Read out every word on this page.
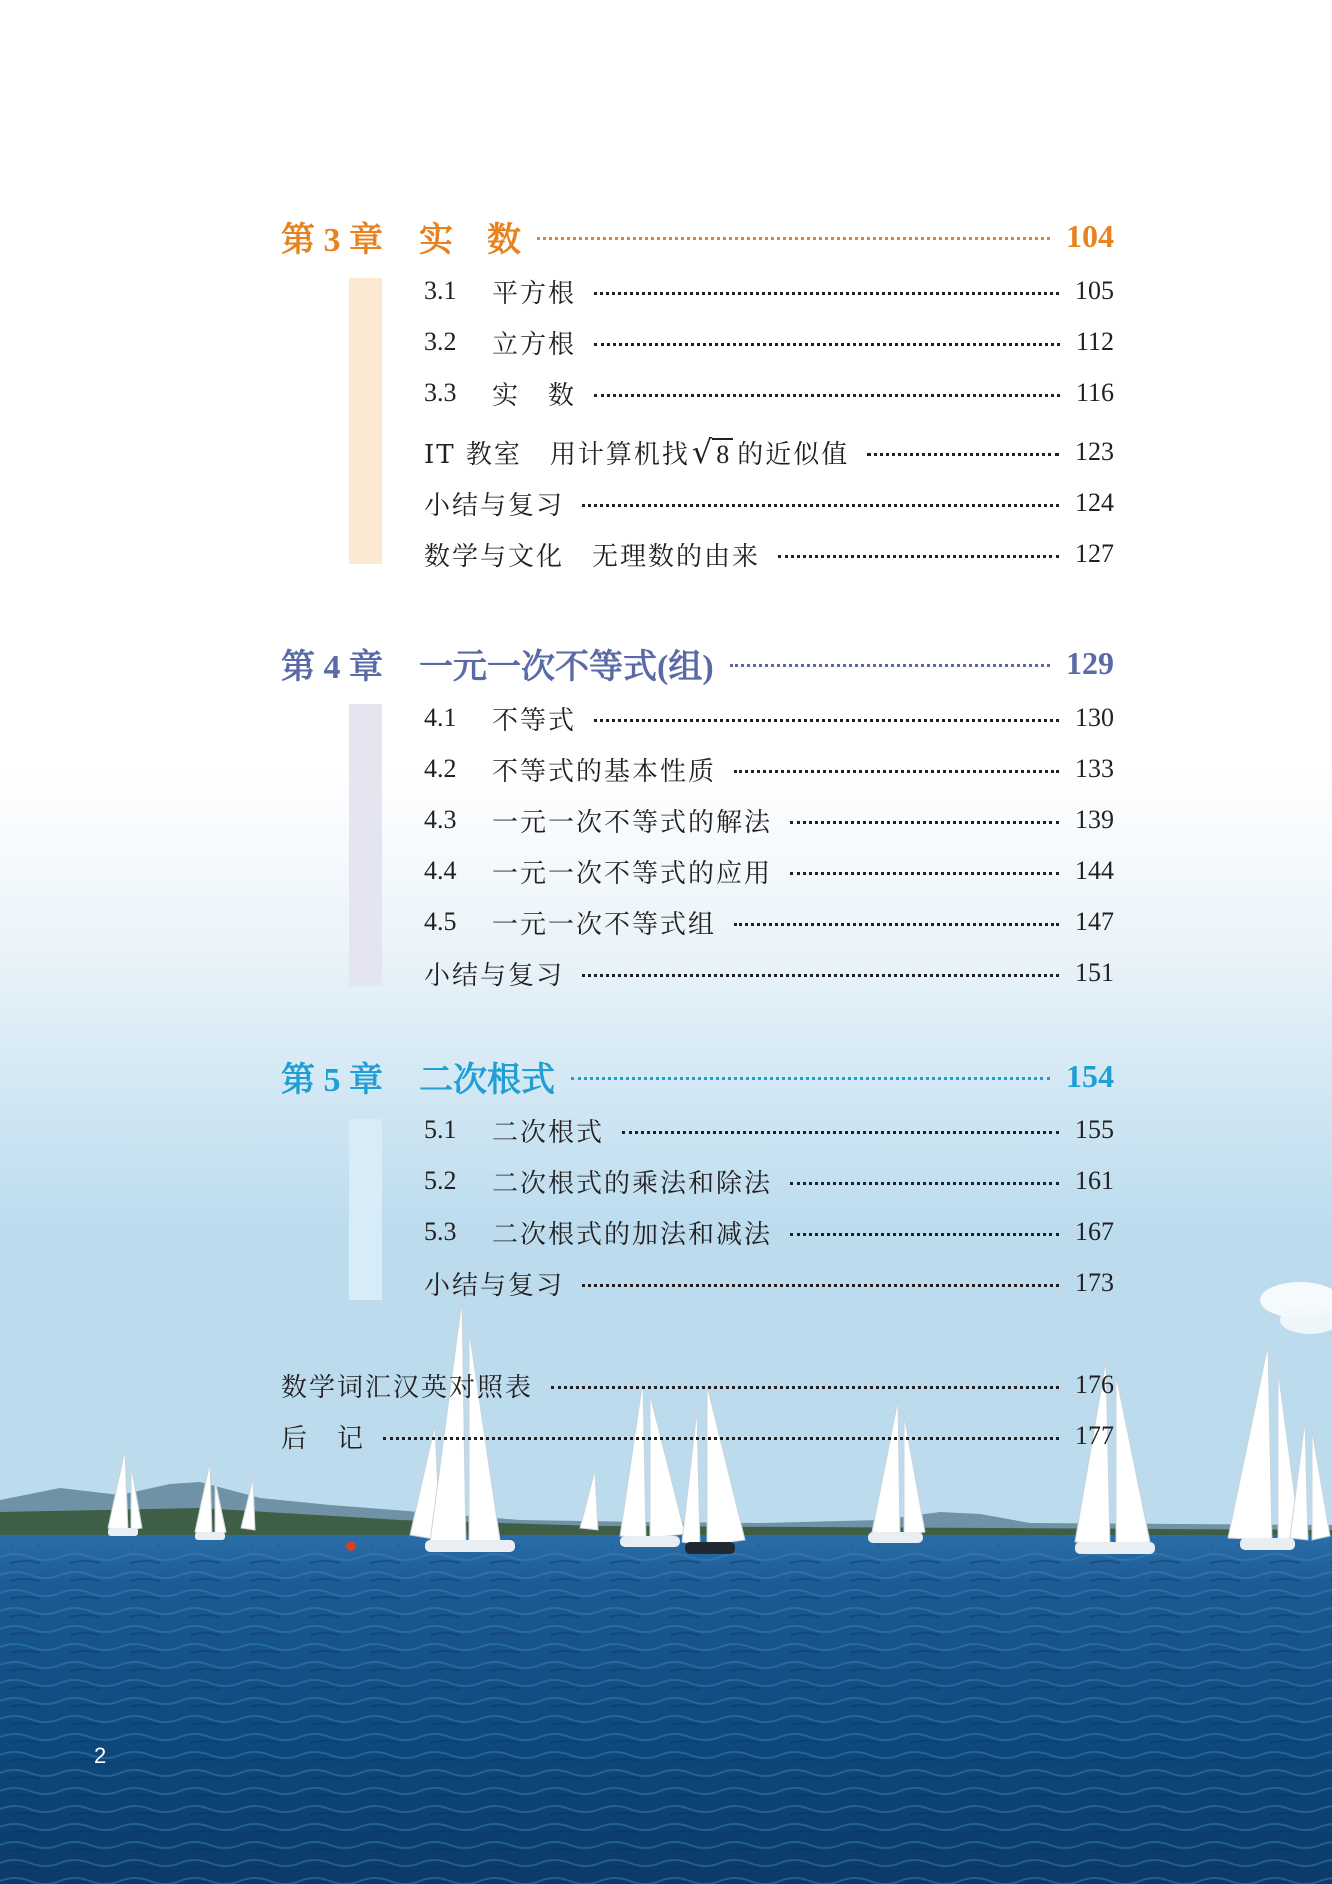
第 3 章 实　数	104
3.1	平方根	105
3.2	立方根	112
3.3	实　数	116
IT 教室　用计算机找 √ 8 的近似值	123
小结与复习	124
数学与文化　无理数的由来	127
第 4 章 一元一次不等式(组)	129
4.1	不等式	130
4.2	不等式的基本性质	133
4.3	一元一次不等式的解法	139
4.4	一元一次不等式的应用	144
4.5	一元一次不等式组	147
小结与复习	151
第 5 章 二次根式	154
5.1	二次根式	155
5.2	二次根式的乘法和除法	161
5.3	二次根式的加法和减法	167
小结与复习	173
数学词汇汉英对照表	176
后　记	177
2
